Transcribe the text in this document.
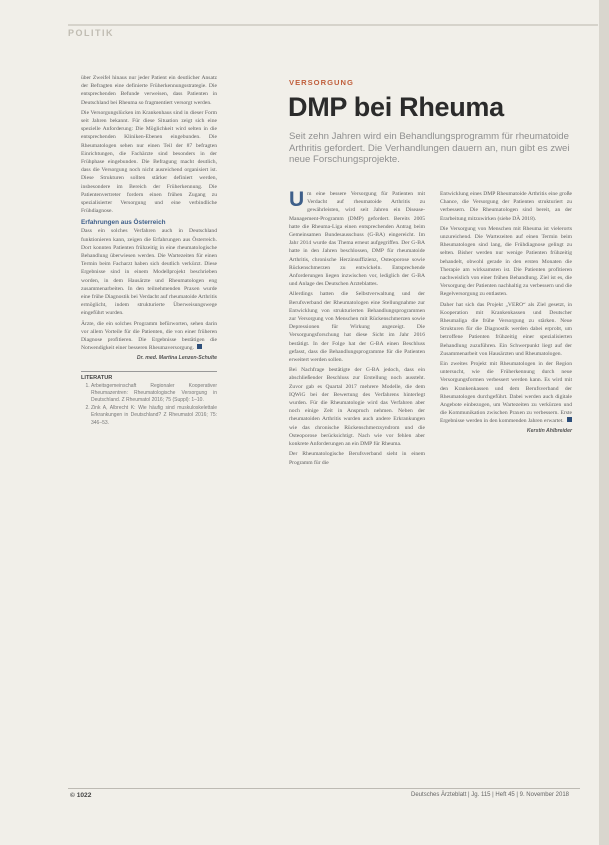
POLITIK

über Zweifel hinaus nur jeder Patient ein deutlicher Ansatz der Befragten eine definierte Früherkennungsstrategie. Die entsprechenden Befunde verweisen, dass Patienten in Deutschland bei Rheuma so fragmentiert versorgt werden.

Die Versorgungslücken im Krankenhaus sind in dieser Form seit Jahren bekannt. Für diese Situation zeigt sich eine spezielle Anforderung: Die Möglichkeit wird selten in die entsprechenden Kliniken-Ebenen eingebunden. Die Rheumatologen sehen nur einen Teil der 87 befragten Einrichtungen, die Fachärzte sind besonders in der Frühphase eingebunden. Die Befragung macht deutlich, dass die Versorgung noch nicht ausreichend organisiert ist. Diese Strukturen sollten stärker definiert werden, insbesondere im Bereich der Früherkennung. Die Patientenvertreter fordern einen frühen Zugang zu spezialisierter Versorgung und eine verbindliche Frühdiagnose.

Erfahrungen aus Österreich

Dass ein solches Verfahren auch in Deutschland funktionieren kann, zeigen die Erfahrungen aus Österreich. Dort konnten Patienten frühzeitig in eine rheumatologische Behandlung überwiesen werden. Die Wartezeiten für einen Termin beim Facharzt haben sich deutlich verkürzt. Diese Ergebnisse sind in einem Modellprojekt beschrieben worden, in dem Hausärzte und Rheumatologen eng zusammenarbeiten. In den teilnehmenden Praxen wurde eine frühe Diagnostik bei Verdacht auf rheumatoide Arthritis ermöglicht, indem strukturierte Überweisungswege eingeführt wurden.

Ärzte, die ein solches Programm befürworten, sehen darin vor allem Vorteile für die Patienten, die von einer früheren Diagnose profitieren. Die Ergebnisse bestätigen die Notwendigkeit einer besseren Rheumaversorgung.

Dr. med. Martina Lenzen-Schulte
LITERATUR
1. Arbeitsgemeinschaft Regionaler Kooperativer Rheumazentren: Rheumatologische Versorgung in Deutschland. Z Rheumatol 2016; 75 (Suppl): 1–10.
2. Zink A, Albrecht K: Wie häufig sind muskuloskelettale Erkrankungen in Deutschland? Z Rheumatol 2016; 75: 346–53.
VERSORGUNG
DMP bei Rheuma

Seit zehn Jahren wird ein Behandlungsprogramm für rheumatoide Arthritis gefordert. Die Verhandlungen dauern an, nun gibt es zwei neue Forschungsprojekte.

Um eine bessere Versorgung für Patienten mit Verdacht auf rheumatoide Arthritis zu gewährleisten, wird seit Jahren ein Disease-Management-Programm (DMP) gefordert. Bereits 2005 hatte die Rheuma-Liga einen entsprechenden Antrag beim Gemeinsamen Bundesausschuss (G-BA) eingereicht. Im Jahr 2014 wurde das Thema erneut aufgegriffen. Der G-BA hatte in den Jahren beschlossen, DMP für rheumatoide Arthritis, chronische Herzinsuffizienz, Osteoporose sowie Rückenschmerzen zu entwickeln. Entsprechende Anforderungen liegen inzwischen vor, lediglich der G-BA und Anlage des Deutschen Arzteblattes.

Allerdings hatten die Selbstverwaltung und der Berufsverband der Rheumatologen eine Stellungnahme zur Entwicklung von strukturierten Behandlungsprogrammen zur Versorgung von Menschen mit Rückenschmerzen sowie Depressionen für Wirkung angezeigt. Die Versorgungsforschung hat diese Sicht im Jahr 2016 bestätigt. In der Folge hat der G-BA einen Beschluss gefasst, dass die Behandlungsprogramme für die Patienten erweitert werden sollen.

Bei Nachfrage bestätigte der G-BA jedoch, dass ein abschließender Beschluss zur Erstellung noch aussteht. Zuvor gab es Quartal 2017 mehrere Modelle, die dem IQWiG bei der Bewertung des Verfahrens hinterlegt wurden. Für die Rheumatologie wird das Verfahren aber noch einige Zeit in Anspruch nehmen. Neben der rheumatoiden Arthritis wurden auch andere Erkrankungen wie das chronische Rückenschmerzsyndrom und die Osteoporose berücksichtigt. Nach wie vor fehlen aber konkrete Anforderungen an ein DMP für Rheuma.

Der Rheumatologische Berufsverband sieht in einem Programm für die

Entwicklung eines DMP Rheumatoide Arthritis eine große Chance, die Versorgung der Patienten strukturiert zu verbessern. Die Rheumatologen sind bereit, an der Erarbeitung mitzuwirken (siehe DÄ 2018).

Die Versorgung von Menschen mit Rheuma ist vielerorts unzureichend. Die Wartezeiten auf einen Termin beim Rheumatologen sind lang, die Frühdiagnose gelingt zu selten. Bisher werden nur wenige Patienten frühzeitig behandelt, obwohl gerade in den ersten Monaten die Therapie am wirksamsten ist. Die Patienten profitieren nachweislich von einer frühen Behandlung. Ziel ist es, die Versorgung der Patienten nachhaltig zu verbessern und die Regelversorgung zu entlasten.

Daher hat sich das Projekt „VERO“ als Ziel gesetzt, in Kooperation mit Krankenkassen und Deutscher Rheumaliga die frühe Versorgung zu stärken. Neue Strukturen für die Diagnostik werden dabei erprobt, um betroffene Patienten frühzeitig einer spezialisierten Behandlung zuzuführen. Ein Schwerpunkt liegt auf der Zusammenarbeit von Hausärzten und Rheumatologen.

Ein zweites Projekt mit Rheumatologen in der Region untersucht, wie die Früherkennung durch neue Versorgungsformen verbessert werden kann. Es wird mit den Krankenkassen und dem Berufsverband der Rheumatologen durchgeführt. Dabei werden auch digitale Angebote einbezogen, um Wartezeiten zu verkürzen und die Kommunikation zwischen Praxen zu verbessern. Erste Ergebnisse werden in den kommenden Jahren erwartet.

Kerstin Ahlbreider
© 1022	Deutsches Ärzteblatt | Jg. 115 | Heft 45 | 9. November 2018
